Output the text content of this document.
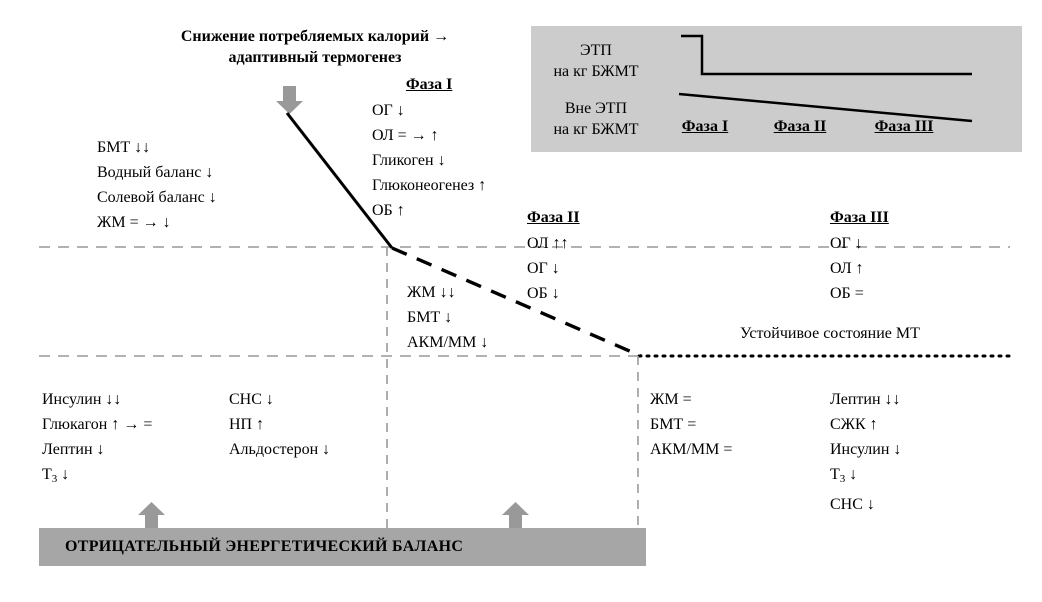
Снижение потребляемых калорий →
адаптивный термогенез	ЭТП
на кг БЖМТ
Вне ЭТП
на кг БЖМТ	Фаза I	Фаза II	Фаза III
БМТ ↓↓
Водный баланс ↓
Солевой баланс ↓
ЖМ = → ↓
Фаза I
ОГ ↓
ОЛ = → ↑
Гликоген ↓
Глюконеогенез ↑
ОБ ↑	Фаза II
ОЛ ↑↑
ОГ ↓
ОБ ↓
Фаза III
ОГ ↓
ОЛ ↑
ОБ =
ЖМ ↓↓
БМТ ↓
АКМ/ММ ↓
Устойчивое состояние МТ
Инсулин ↓↓
Глюкагон ↑ → =
Лептин ↓
$T_3$ ↓
СНС ↓
НП ↑
Альдостерон ↓
ЖМ =
БМТ =
АКМ/ММ =
Лептин ↓↓
СЖК ↑
Инсулин ↓
$T_3$ ↓
СНС ↓
ОТРИЦАТЕЛЬНЫЙ ЭНЕРГЕТИЧЕСКИЙ БАЛАНС
